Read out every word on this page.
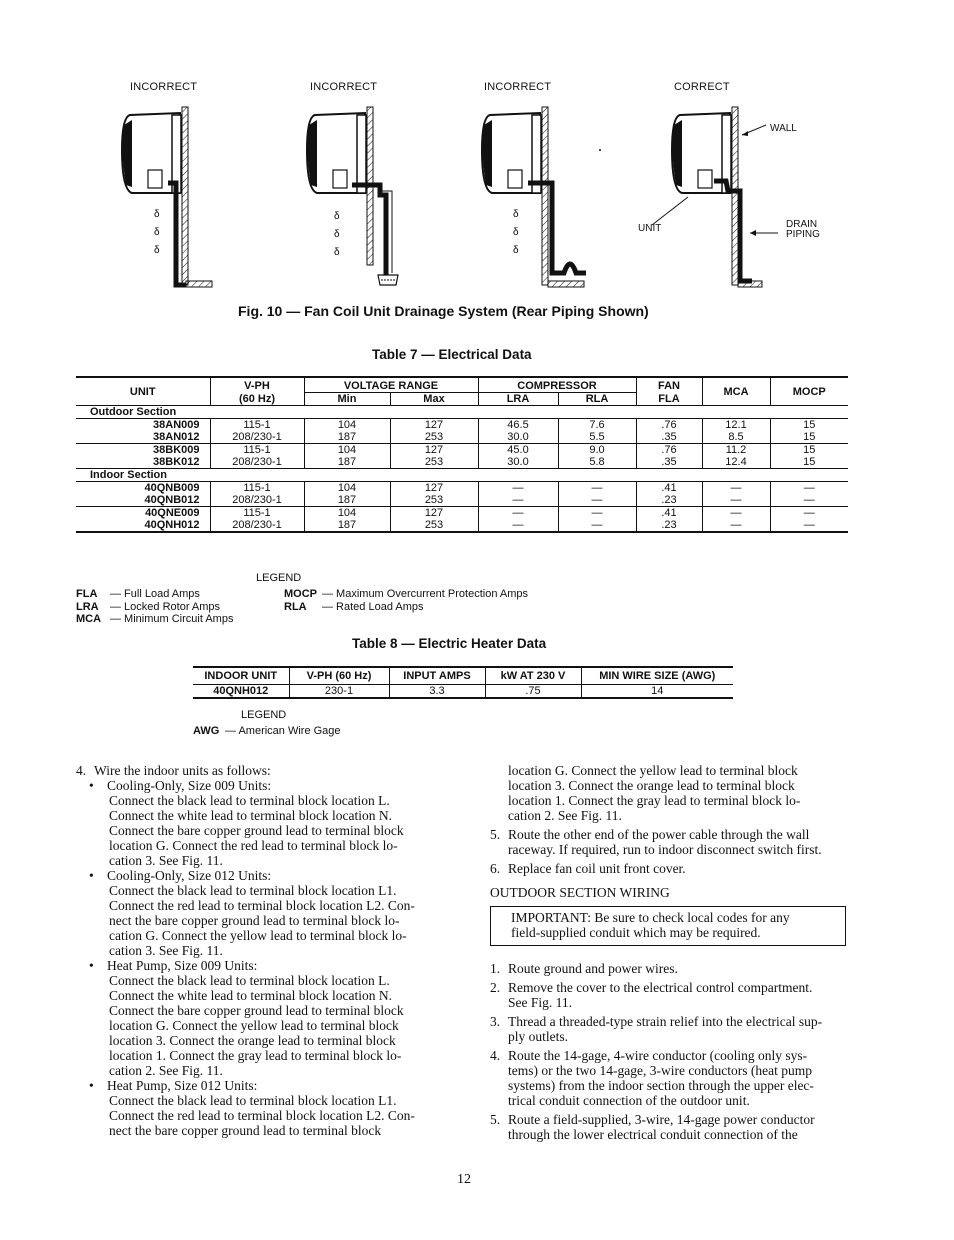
INCORRECT	INCORRECT	INCORRECT	CORRECT
δ
δ
δ
δ
δ
δ
δ
δ
δ
WALL
UNIT	DRAIN
PIPING
Fig. 10 — Fan Coil Unit Drainage System (Rear Piping Shown)
Table 7 — Electrical Data
UNIT	V-PH	VOLTAGE RANGE		COMPRESSOR		FAN	MCA	MOCP
	(60 Hz)	Min	Max	LRA	RLA	FLA		
Outdoor Section								
38AN009	115-1	104	127	46.5	7.6	.76	12.1	15
38AN012	208/230-1	187	253	30.0	5.5	.35	8.5	15
38BK009	115-1	104	127	45.0	9.0	.76	11.2	15
38BK012	208/230-1	187	253	30.0	5.8	.35	12.4	15
Indoor Section								
40QNB009	115-1	104	127	—	—	.41	—	—
40QNB012	208/230-1	187	253	—	—	.23	—	—
40QNE009	115-1	104	127	—	—	.41	—	—
40QNH012	208/230-1	187	253	—	—	.23	—	—
LEGEND
FLA — Full Load Amps
LRA — Locked Rotor Amps
MCA — Minimum Circuit Amps
MOCP — Maximum Overcurrent Protection Amps
RLA — Rated Load Amps
Table 8 — Electric Heater Data
INDOOR UNIT	V-PH (60 Hz)	INPUT AMPS	kW AT 230 V	MIN WIRE SIZE (AWG)
40QNH012	230-1	3.3	.75	14
LEGEND
AWG — American Wire Gage
4. Wire the indoor units as follows:
• Cooling-Only, Size 009 Units:

Connect the black lead to terminal block location L.

Connect the white lead to terminal block location N.

Connect the bare copper ground lead to terminal block

location G. Connect the red lead to terminal block lo-

cation 3. See Fig. 11.

• Cooling-Only, Size 012 Units:

Connect the black lead to terminal block location L1.

Connect the red lead to terminal block location L2. Con-

nect the bare copper ground lead to terminal block lo-

cation G. Connect the yellow lead to terminal block lo-

cation 3. See Fig. 11.

• Heat Pump, Size 009 Units:

Connect the black lead to terminal block location L.

Connect the white lead to terminal block location N.

Connect the bare copper ground lead to terminal block

location G. Connect the yellow lead to terminal block

location 3. Connect the orange lead to terminal block

location 1. Connect the gray lead to terminal block lo-

cation 2. See Fig. 11.

• Heat Pump, Size 012 Units:

Connect the black lead to terminal block location L1.

Connect the red lead to terminal block location L2. Con-

nect the bare copper ground lead to terminal block

location G. Connect the yellow lead to terminal block

location 3. Connect the orange lead to terminal block

location 1. Connect the gray lead to terminal block lo-

cation 2. See Fig. 11.

5. Route the other end of the power cable through the wall

raceway. If required, run to indoor disconnect switch first.

6. Replace fan coil unit front cover.

OUTDOOR SECTION WIRING

IMPORTANT: Be sure to check local codes for any

field-supplied conduit which may be required.

1. Route ground and power wires.

2. Remove the cover to the electrical control compartment.

See Fig. 11.

3. Thread a threaded-type strain relief into the electrical sup-

ply outlets.

4. Route the 14-gage, 4-wire conductor (cooling only sys-

tems) or the two 14-gage, 3-wire conductors (heat pump

systems) from the indoor section through the upper elec-

trical conduit connection of the outdoor unit.

5. Route a field-supplied, 3-wire, 14-gage power conductor

through the lower electrical conduit connection of the

12
